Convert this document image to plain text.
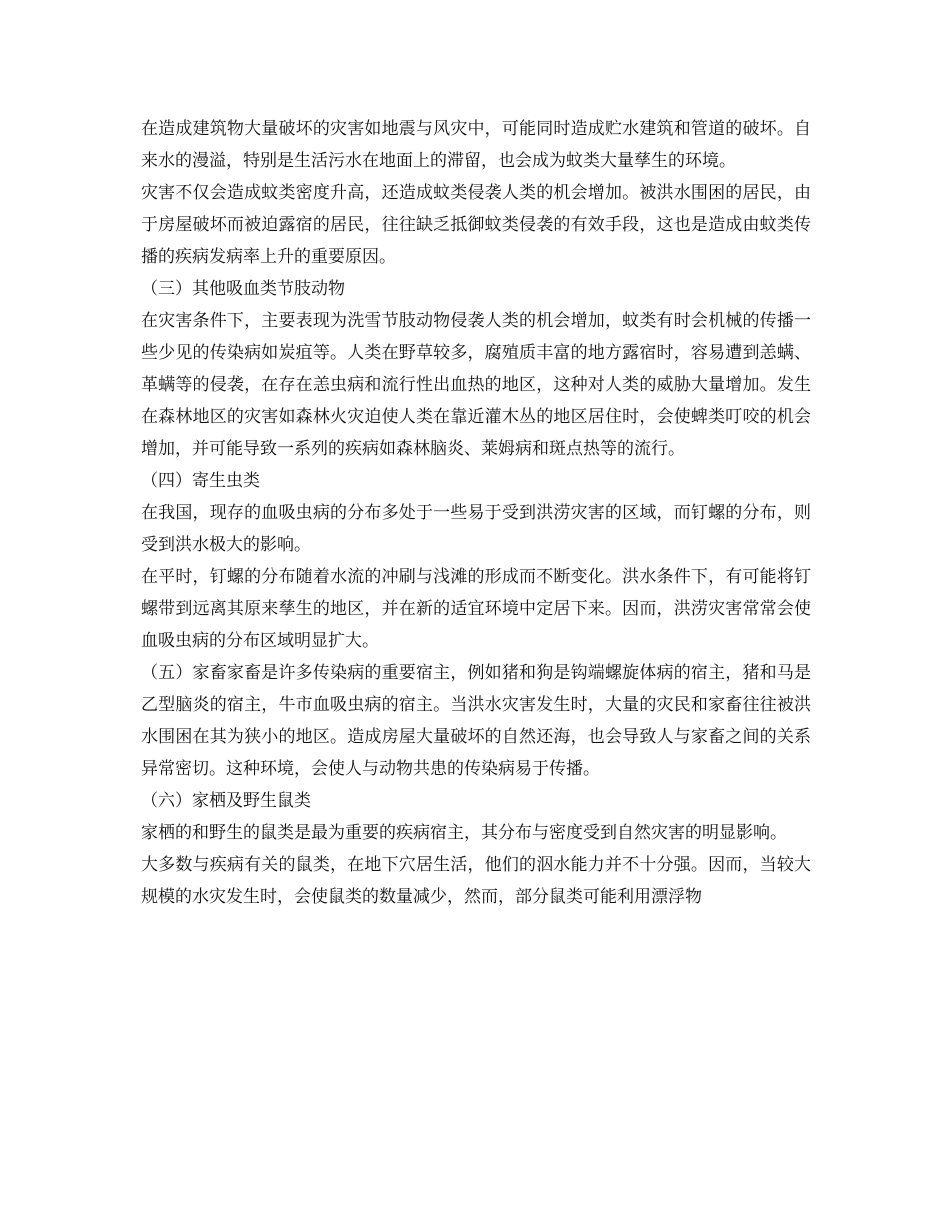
在造成建筑物大量破坏的灾害如地震与风灾中，可能同时造成贮水建筑和管道的破坏。自来水的漫溢，特别是生活污水在地面上的滞留，也会成为蚊类大量孳生的环境。

灾害不仅会造成蚊类密度升高，还造成蚊类侵袭人类的机会增加。被洪水围困的居民，由于房屋破坏而被迫露宿的居民，往往缺乏抵御蚊类侵袭的有效手段，这也是造成由蚊类传播的疾病发病率上升的重要原因。

（三）其他吸血类节肢动物

在灾害条件下，主要表现为洗雪节肢动物侵袭人类的机会增加，蚊类有时会机械的传播一些少见的传染病如炭疽等。人类在野草较多，腐殖质丰富的地方露宿时，容易遭到恙螨、革螨等的侵袭，在存在恙虫病和流行性出血热的地区，这种对人类的威胁大量增加。发生在森林地区的灾害如森林火灾迫使人类在靠近灌木丛的地区居住时，会使蜱类叮咬的机会增加，并可能导致一系列的疾病如森林脑炎、莱姆病和斑点热等的流行。

（四）寄生虫类

在我国，现存的血吸虫病的分布多处于一些易于受到洪涝灾害的区域，而钉螺的分布，则受到洪水极大的影响。

在平时，钉螺的分布随着水流的冲刷与浅滩的形成而不断变化。洪水条件下，有可能将钉螺带到远离其原来孳生的地区，并在新的适宜环境中定居下来。因而，洪涝灾害常常会使血吸虫病的分布区域明显扩大。

（五）家畜家畜是许多传染病的重要宿主，例如猪和狗是钩端螺旋体病的宿主，猪和马是乙型脑炎的宿主，牛市血吸虫病的宿主。当洪水灾害发生时，大量的灾民和家畜往往被洪水围困在其为狭小的地区。造成房屋大量破坏的自然还海，也会导致人与家畜之间的关系异常密切。这种环境，会使人与动物共患的传染病易于传播。

（六）家栖及野生鼠类

家栖的和野生的鼠类是最为重要的疾病宿主，其分布与密度受到自然灾害的明显影响。

大多数与疾病有关的鼠类，在地下穴居生活，他们的泅水能力并不十分强。因而，当较大规模的水灾发生时，会使鼠类的数量减少，然而，部分鼠类可能利用漂浮物
